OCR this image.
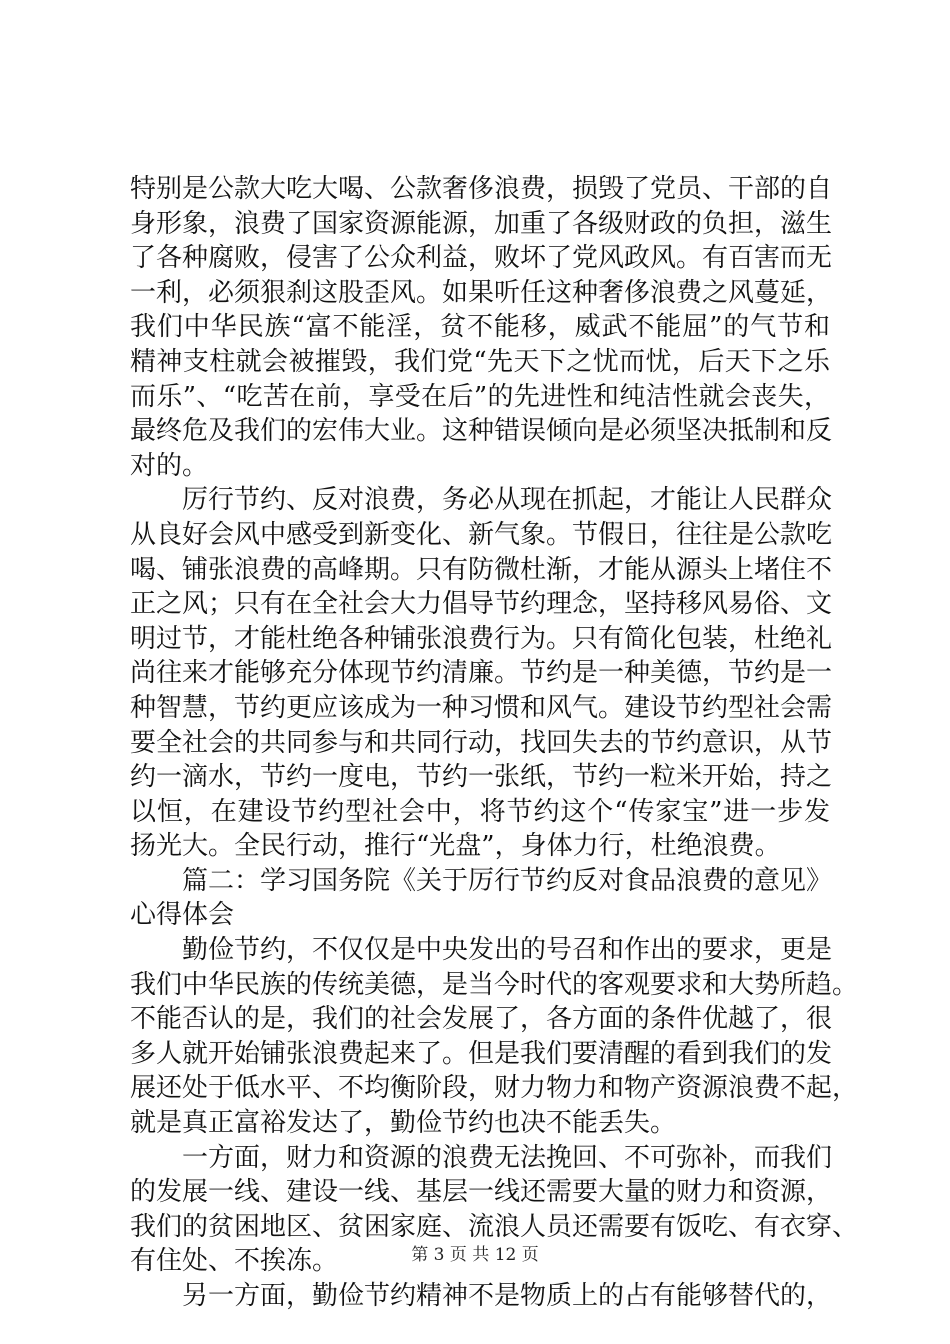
特别是公款大吃大喝、公款奢侈浪费，损毁了党员、干部的自
身形象，浪费了国家资源能源，加重了各级财政的负担，滋生
了各种腐败，侵害了公众利益，败坏了党风政风。有百害而无
一利，必须狠刹这股歪风。如果听任这种奢侈浪费之风蔓延，
我们中华民族“富不能淫，贫不能移，威武不能屈”的气节和
精神支柱就会被摧毁，我们党“先天下之忧而忧，后天下之乐
而乐”、“吃苦在前，享受在后”的先进性和纯洁性就会丧失，
最终危及我们的宏伟大业。这种错误倾向是必须坚决抵制和反
对的。
厉行节约、反对浪费，务必从现在抓起，才能让人民群众
从良好会风中感受到新变化、新气象。节假日，往往是公款吃
喝、铺张浪费的高峰期。只有防微杜渐，才能从源头上堵住不
正之风；只有在全社会大力倡导节约理念，坚持移风易俗、文
明过节，才能杜绝各种铺张浪费行为。只有简化包装，杜绝礼
尚往来才能够充分体现节约清廉。节约是一种美德，节约是一
种智慧，节约更应该成为一种习惯和风气。建设节约型社会需
要全社会的共同参与和共同行动，找回失去的节约意识，从节
约一滴水，节约一度电，节约一张纸，节约一粒米开始，持之
以恒，在建设节约型社会中，将节约这个“传家宝”进一步发
扬光大。全民行动，推行“光盘”，身体力行，杜绝浪费。
篇二：学习国务院《关于厉行节约反对食品浪费的意见》
心得体会
勤俭节约，不仅仅是中央发出的号召和作出的要求，更是
我们中华民族的传统美德，是当今时代的客观要求和大势所趋。
不能否认的是，我们的社会发展了，各方面的条件优越了，很
多人就开始铺张浪费起来了。但是我们要清醒的看到我们的发
展还处于低水平、不均衡阶段，财力物力和物产资源浪费不起，
就是真正富裕发达了，勤俭节约也决不能丢失。
一方面，财力和资源的浪费无法挽回、不可弥补，而我们
的发展一线、建设一线、基层一线还需要大量的财力和资源，
我们的贫困地区、贫困家庭、流浪人员还需要有饭吃、有衣穿、
有住处、不挨冻。
另一方面，勤俭节约精神不是物质上的占有能够替代的，
第 3 页 共 12 页
